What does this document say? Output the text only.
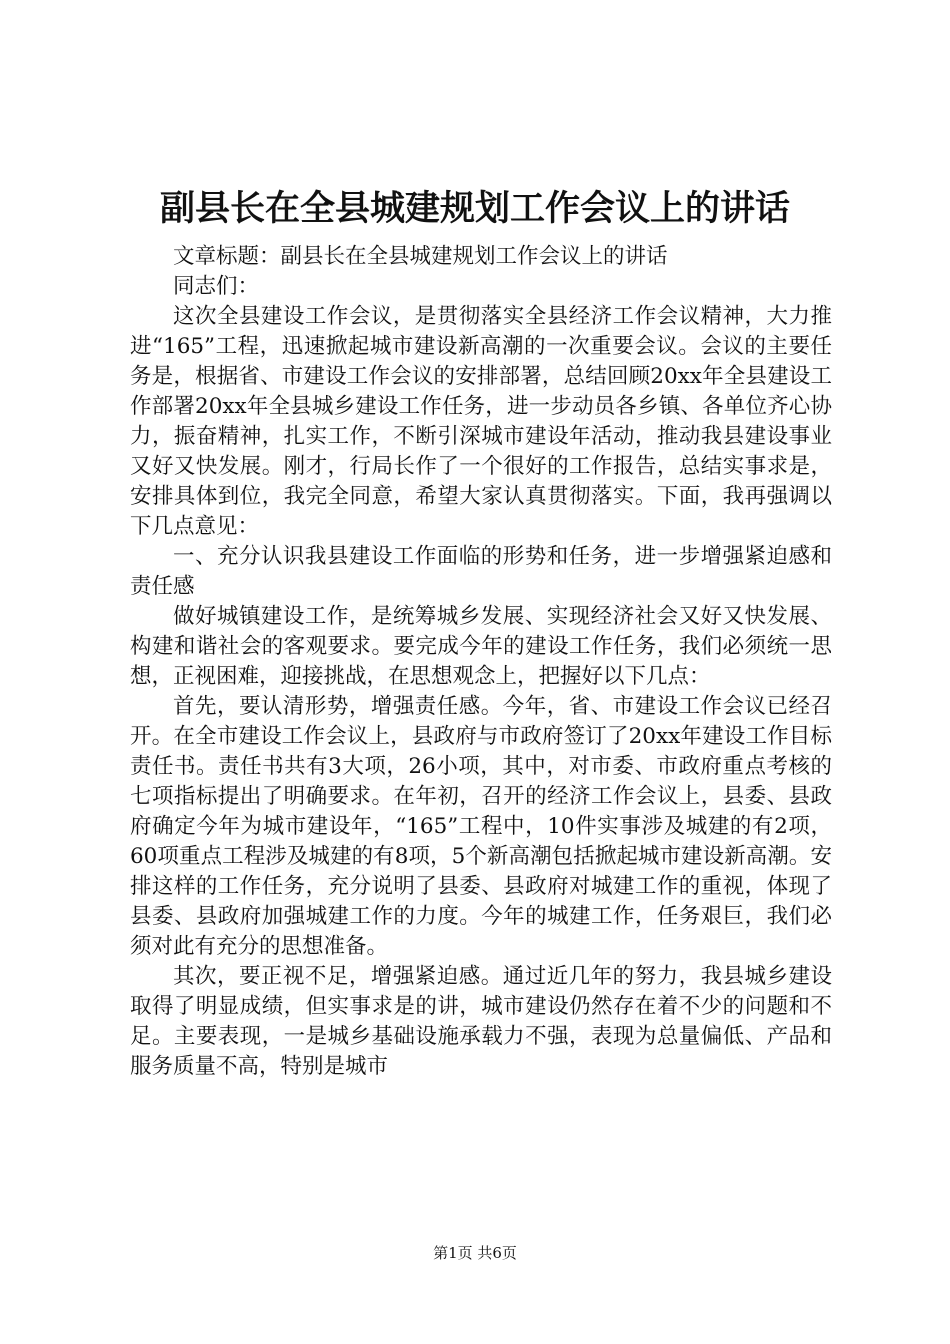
副县长在全县城建规划工作会议上的讲话

文章标题：副县长在全县城建规划工作会议上的讲话

同志们：

这次全县建设工作会议，是贯彻落实全县经济工作会议精神，大力推进“165”工程，迅速掀起城市建设新高潮的一次重要会议。会议的主要任务是，根据省、市建设工作会议的安排部署，总结回顾20xx年全县建设工作部署20xx年全县城乡建设工作任务，进一步动员各乡镇、各单位齐心协力，振奋精神，扎实工作，不断引深城市建设年活动，推动我县建设事业又好又快发展。刚才，行局长作了一个很好的工作报告，总结实事求是，安排具体到位，我完全同意，希望大家认真贯彻落实。下面，我再强调以下几点意见：

一、充分认识我县建设工作面临的形势和任务，进一步增强紧迫感和责任感

做好城镇建设工作，是统筹城乡发展、实现经济社会又好又快发展、构建和谐社会的客观要求。要完成今年的建设工作任务，我们必须统一思想，正视困难，迎接挑战，在思想观念上，把握好以下几点：

首先，要认清形势，增强责任感。今年，省、市建设工作会议已经召开。在全市建设工作会议上，县政府与市政府签订了20xx年建设工作目标责任书。责任书共有3大项，26小项，其中，对市委、市政府重点考核的七项指标提出了明确要求。在年初，召开的经济工作会议上，县委、县政府确定今年为城市建设年，“165”工程中，10件实事涉及城建的有2项，60项重点工程涉及城建的有8项，5个新高潮包括掀起城市建设新高潮。安排这样的工作任务，充分说明了县委、县政府对城建工作的重视，体现了县委、县政府加强城建工作的力度。今年的城建工作，任务艰巨，我们必须对此有充分的思想准备。

其次，要正视不足，增强紧迫感。通过近几年的努力，我县城乡建设取得了明显成绩，但实事求是的讲，城市建设仍然存在着不少的问题和不足。主要表现，一是城乡基础设施承载力不强，表现为总量偏低、产品和服务质量不高，特别是城市

第1页 共6页
